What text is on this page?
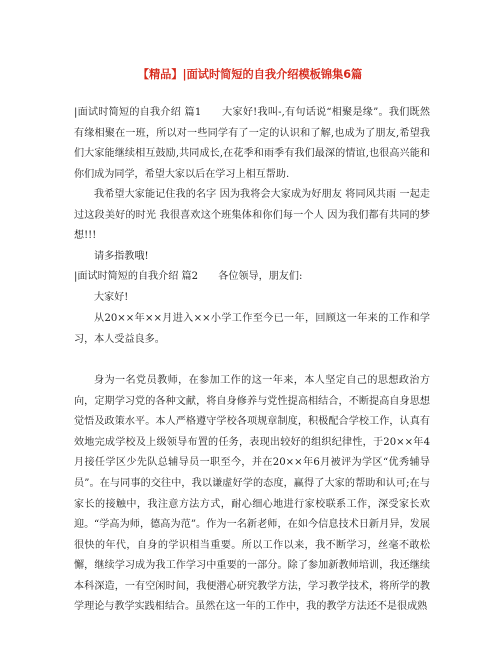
【精品】|面试时简短的自我介绍模板锦集6篇

|面试时简短的自我介绍 篇1　　大家好!我叫-,有句话说“相聚是缘”。我们既然有缘相聚在一班，所以对一些同学有了一定的认识和了解,也成为了朋友,希望我们大家能继续相互鼓励,共同成长,在花季和雨季有我们最深的情谊,也很高兴能和你们成为同学，希望大家以后在学习上相互帮助.

我希望大家能记住我的名字 因为我将会大家成为好朋友 将同风共雨 一起走过这段美好的时光 我很喜欢这个班集体和你们每一个人 因为我们都有共同的梦想!!!

请多指教哦!

|面试时简短的自我介绍 篇2　　各位领导，朋友们:

大家好!

从20××年××月进入××小学工作至今已一年，回顾这一年来的工作和学习，本人受益良多。

身为一名党员教师，在参加工作的这一年来，本人坚定自己的思想政治方向，定期学习党的各种文献，将自身修养与党性提高相结合，不断提高自身思想觉悟及政策水平。本人严格遵守学校各项规章制度，积极配合学校工作，认真有效地完成学校及上级领导布置的任务，表现出较好的组织纪律性，于20××年4月接任学区少先队总辅导员一职至今，并在20××年6月被评为学区“优秀辅导员”。在与同事的交往中，我以谦虚好学的态度，赢得了大家的帮助和认可;在与家长的接触中，我注意方法方式，耐心细心地进行家校联系工作，深受家长欢迎。 “学高为师，德高为范”。作为一名新老师，在如今信息技术日新月异，发展很快的年代，自身的学识相当重要。所以工作以来，我不断学习，丝毫不敢松懈，继续学习成为我工作学习中重要的一部分。除了参加新教师培训，我还继续本科深造，一有空闲时间，我便潜心研究教学方法，学习教学技术，将所学的教学理论与教学实践相结合。虽然在这一年的工作中，我的教学方法还不是很成熟
